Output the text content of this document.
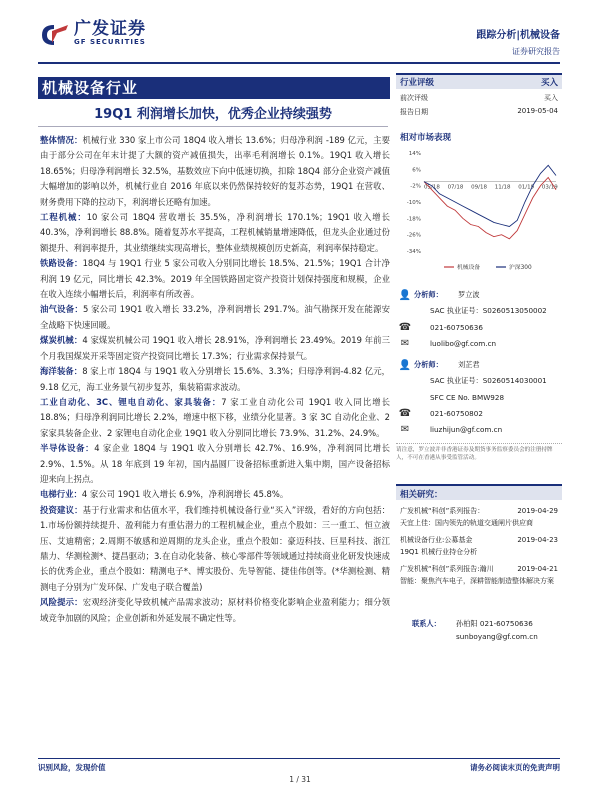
广发证券
GF SECURITIES
跟踪分析|机械设备
证券研究报告
机械设备行业
19Q1 利润增长加快，优秀企业持续强势

整体情况：机械行业 330 家上市公司 18Q4 收入增长 13.6%；归母净利润 -189 亿元，主要由于部分公司在年末计提了大额的资产减值损失，出率毛利润增长 0.1%。19Q1 收入增长 18.65%；归母净利润增长 32.5%，基数效应下向中低速切换，扣除 18Q4 部分企业资产减值大幅增加的影响以外，机械行业自 2016 年底以来仍然保持较好的复苏态势，19Q1 在营收、财务费用下降的拉动下，利润增长还略有加速。

工程机械：10 家公司 18Q4 营收增长 35.5%，净利润增长 170.1%；19Q1 收入增长 40.3%，净利润增长 88.8%。随着复苏水平提高，工程机械销量增速降低，但龙头企业通过份额提升、利润率提升，其业绩继续实现高增长，整体业绩规模创历史新高，利润率保持稳定。

铁路设备：18Q4 与 19Q1 行业 5 家公司收入分别同比增长 18.5%、21.5%；19Q1 合计净利润 19 亿元，同比增长 42.3%。2019 年全国铁路固定资产投资计划保持强度和规模，企业在收入连续小幅增长后，利润率有所改善。

油气设备：5 家公司 19Q1 收入增长 33.2%，净利润增长 291.7%。油气勘探开发在能源安全战略下快速回暖。

煤炭机械：4 家煤炭机械公司 19Q1 收入增长 28.91%，净利润增长 23.49%。2019 年前三个月我国煤炭开采等固定资产投资同比增长 17.3%；行业需求保持景气。

海洋装备：8 家上市 18Q4 与 19Q1 收入分别增长 15.6%、3.3%；归母净利润-4.82 亿元，9.18 亿元，海工业务景气初步复苏，集装箱需求波动。

工业自动化、3C、锂电自动化、家具装备：7 家工业自动化公司 19Q1 收入同比增长 18.8%；归母净利润同比增长 2.2%，增速中枢下移，业绩分化显著。3 家 3C 自动化企业、2 家家具装备企业、2 家锂电自动化企业 19Q1 收入分别同比增长 73.9%、31.2%、24.9%。

半导体设备：4 家企业 18Q4 与 19Q1 收入分别增长 42.7%、16.9%，净利润同比增长 2.9%、1.5%。从 18 年底到 19 年初，国内晶圆厂设备招标重新进入集中期，国产设备招标迎来向上拐点。

电梯行业：4 家公司 19Q1 收入增长 6.9%，净利润增长 45.8%。

投资建议：基于行业需求和估值水平，我们维持机械设备行业“买入”评级，看好的方向包括：1.市场份额持续提升、盈利能力有重估潜力的工程机械企业，重点个股如：三一重工、恒立液压、艾迪精密；2.周期不敏感和逆周期的龙头企业，重点个股如：豪迈科技、巨星科技、浙江鼎力、华测检测*、捷昌驱动；3.在自动化装备、核心零部件等领域通过持续商业化研发快速成长的优秀企业，重点个股如：精测电子*、博实股份、先导智能、捷佳伟创等。(*华测检测、精测电子分别为广发环保、广发电子联合覆盖)

风险提示：宏观经济变化导致机械产品需求波动；原材料价格变化影响企业盈利能力；细分领域竞争加剧的风险；企业创新和外延发展不确定性等。

行业评级	买入
前次评级	买入
报告日期	2019-05-04
相对市场表现
14%
6%
-2%
-10%
-18%
-26%
-34%
05/18 07/18 09/18 11/18 01/19 03/19
机械设备	沪深300
👤 分析师：	罗立波
SAC 执业证号：S0260513050002
☎	021-60750636
✉	luolibo@gf.com.cn
👤 分析师：	刘芷君
SAC 执业证号：S0260514030001
SFC CE No. BMW928
☎	021-60750802
✉	liuzhijun@gf.com.cn
请注意，罗立波并非香港证券及期货事务监察委员会的注册持牌人，不可在香港从事受监管活动。
相关研究：
广发机械“科创”系列报告：	2019-04-29
天宜上佳：国内领先的轨道交通闸片供应商
机械设备行业:公募基金	2019-04-23
19Q1 机械行业持仓分析
广发机械“科创”系列报告:瀚川	2019-04-21
智能：聚焦汽车电子，深耕智能制造整体解决方案
联系人：	孙柏阳
021-60750636
sunboyang@gf.com.cn
识别风险，发现价值	请务必阅读末页的免责声明
1 / 31
